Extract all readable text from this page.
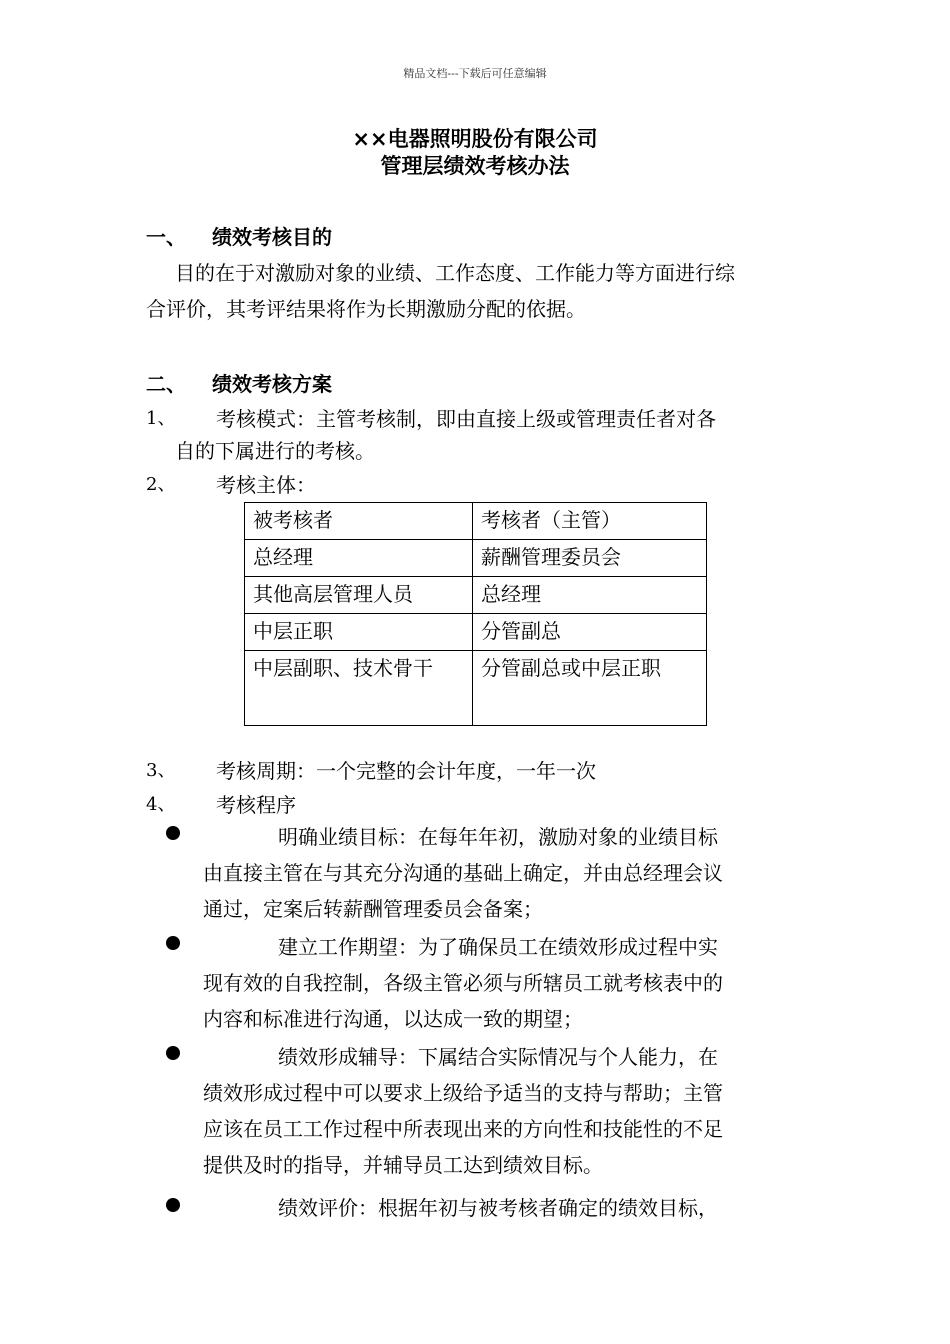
精品文档---下载后可任意编辑
××电器照明股份有限公司
管理层绩效考核办法
一、 绩效考核目的
目的在于对激励对象的业绩、工作态度、工作能力等方面进行综
合评价，其考评结果将作为长期激励分配的依据。
二、 绩效考核方案
1、 考核模式：主管考核制，即由直接上级或管理责任者对各
自的下属进行的考核。
2、 考核主体：
被考核者	考核者（主管）
总经理	薪酬管理委员会
其他高层管理人员	总经理
中层正职	分管副总
中层副职、技术骨干	分管副总或中层正职
3、 考核周期：一个完整的会计年度，一年一次
4、 考核程序
明确业绩目标：在每年年初，激励对象的业绩目标
由直接主管在与其充分沟通的基础上确定，并由总经理会议
通过，定案后转薪酬管理委员会备案；
建立工作期望：为了确保员工在绩效形成过程中实
现有效的自我控制，各级主管必须与所辖员工就考核表中的
内容和标准进行沟通，以达成一致的期望；
绩效形成辅导：下属结合实际情况与个人能力，在
绩效形成过程中可以要求上级给予适当的支持与帮助；主管
应该在员工工作过程中所表现出来的方向性和技能性的不足
提供及时的指导，并辅导员工达到绩效目标。
绩效评价：根据年初与被考核者确定的绩效目标，
